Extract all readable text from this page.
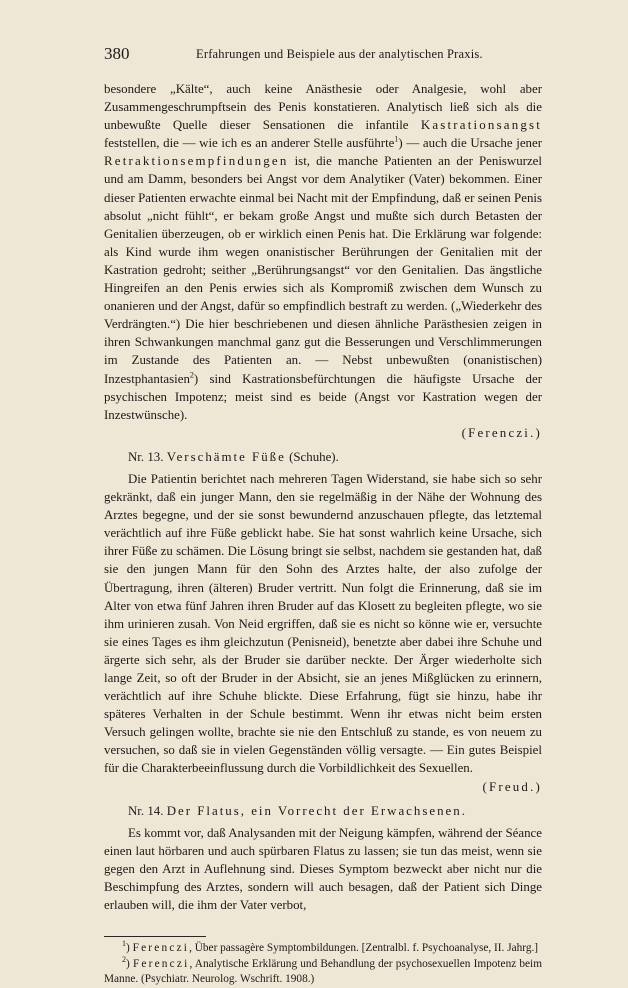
380	Erfahrungen und Beispiele aus der analytischen Praxis.

besondere „Kälte“, auch keine Anästhesie oder Analgesie, wohl aber Zusammengeschrumpftsein des Penis konstatieren. Analytisch ließ sich als die unbewußte Quelle dieser Sensationen die infantile Kastrationsangst feststellen, die — wie ich es an anderer Stelle ausführte$^1$) — auch die Ursache jener Retraktionsempfindungen ist, die manche Patienten an der Peniswurzel und am Damm, besonders bei Angst vor dem Analytiker (Vater) bekommen. Einer dieser Patienten erwachte einmal bei Nacht mit der Empfindung, daß er seinen Penis absolut „nicht fühlt“, er bekam große Angst und mußte sich durch Betasten der Genitalien überzeugen, ob er wirklich einen Penis hat. Die Erklärung war folgende: als Kind wurde ihm wegen onanistischer Berührungen der Genitalien mit der Kastration gedroht; seither „Berührungsangst“ vor den Genitalien. Das ängstliche Hingreifen an den Penis erwies sich als Kompromiß zwischen dem Wunsch zu onanieren und der Angst, dafür so empfindlich bestraft zu werden. („Wiederkehr des Verdrängten.“) Die hier beschriebenen und diesen ähnliche Parästhesien zeigen in ihren Schwankungen manchmal ganz gut die Besserungen und Verschlimmerungen im Zustande des Patienten an. — Nebst unbewußten (onanistischen) Inzestphantasien$^2$) sind Kastrationsbefürchtungen die häufigste Ursache der psychischen Impotenz; meist sind es beide (Angst vor Kastration wegen der Inzestwünsche).
(Ferenczi.)

Nr. 13. Verschämte Füße (Schuhe).

Die Patientin berichtet nach mehreren Tagen Widerstand, sie habe sich so sehr gekränkt, daß ein junger Mann, den sie regelmäßig in der Nähe der Wohnung des Arztes begegne, und der sie sonst bewundernd anzuschauen pflegte, das letztemal verächtlich auf ihre Füße geblickt habe. Sie hat sonst wahrlich keine Ursache, sich ihrer Füße zu schämen. Die Lösung bringt sie selbst, nachdem sie gestanden hat, daß sie den jungen Mann für den Sohn des Arztes halte, der also zufolge der Übertragung, ihren (älteren) Bruder vertritt. Nun folgt die Erinnerung, daß sie im Alter von etwa fünf Jahren ihren Bruder auf das Klosett zu begleiten pflegte, wo sie ihm urinieren zusah. Von Neid ergriffen, daß sie es nicht so könne wie er, versuchte sie eines Tages es ihm gleichzutun (Penisneid), benetzte aber dabei ihre Schuhe und ärgerte sich sehr, als der Bruder sie darüber neckte. Der Ärger wiederholte sich lange Zeit, so oft der Bruder in der Absicht, sie an jenes Mißglücken zu erinnern, verächtlich auf ihre Schuhe blickte. Diese Erfahrung, fügt sie hinzu, habe ihr späteres Verhalten in der Schule bestimmt. Wenn ihr etwas nicht beim ersten Versuch gelingen wollte, brachte sie nie den Entschluß zu stande, es von neuem zu versuchen, so daß sie in vielen Gegenständen völlig versagte. — Ein gutes Beispiel für die Charakterbeeinflussung durch die Vorbildlichkeit des Sexuellen.
(Freud.)

Nr. 14. Der Flatus, ein Vorrecht der Erwachsenen.

Es kommt vor, daß Analysanden mit der Neigung kämpfen, während der Séance einen laut hörbaren und auch spürbaren Flatus zu lassen; sie tun das meist, wenn sie gegen den Arzt in Auflehnung sind. Dieses Symptom bezweckt aber nicht nur die Beschimpfung des Arztes, sondern will auch besagen, daß der Patient sich Dinge erlauben will, die ihm der Vater verbot,

$^1$) Ferenczi, Über passagère Symptombildungen. [Zentralbl. f. Psychoanalyse, II. Jahrg.]

$^2$) Ferenczi, Analytische Erklärung und Behandlung der psychosexuellen Impotenz beim Manne. (Psychiatr. Neurolog. Wschrift. 1908.)
